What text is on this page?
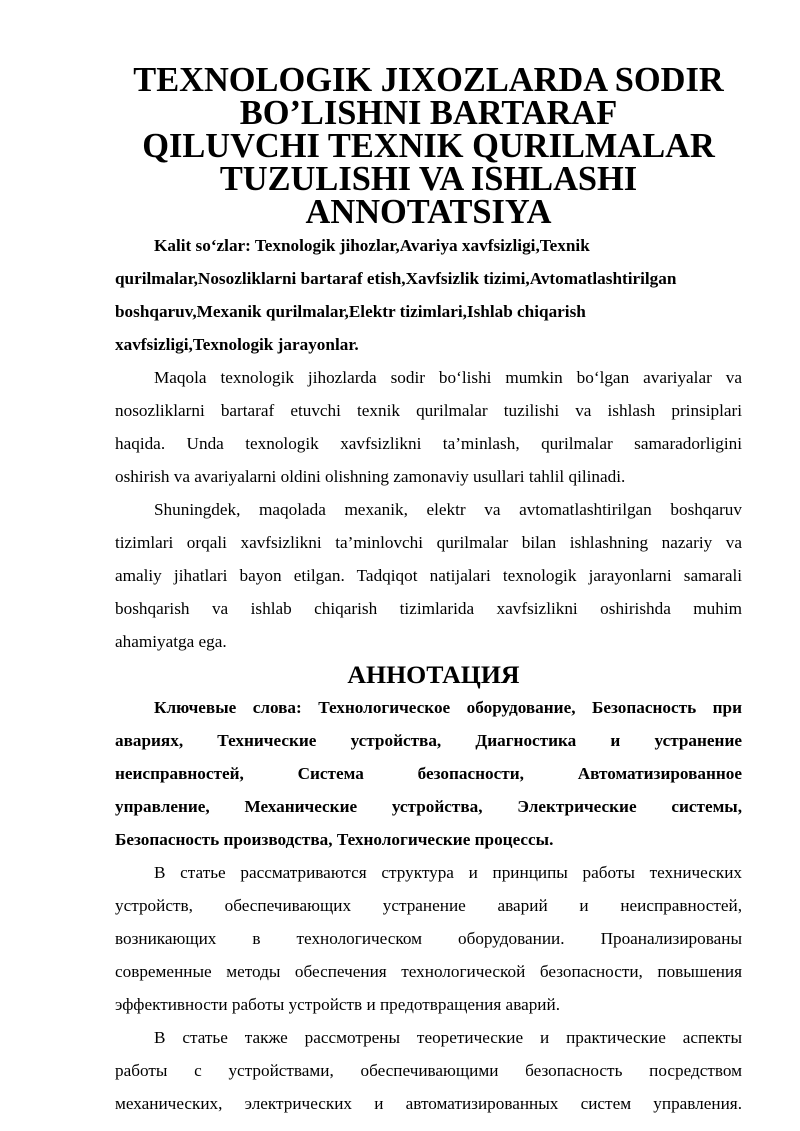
TEXNOLOGIK JIXOZLARDA SODIR BO’LISHNI BARTARAF
QILUVCHI TEXNIK QURILMALAR TUZULISHI VA ISHLASHI
ANNOTATSIYA

Kalit so‘zlar: Texnologik jihozlar,Avariya xavfsizligi,Texnik
qurilmalar,Nosozliklarni bartaraf etish,Xavfsizlik tizimi,Avtomatlashtirilgan
boshqaruv,Mexanik qurilmalar,Elektr tizimlari,Ishlab chiqarish
xavfsizligi,Texnologik jarayonlar.

Maqola texnologik jihozlarda sodir bo‘lishi mumkin bo‘lgan avariyalar va
nosozliklarni bartaraf etuvchi texnik qurilmalar tuzilishi va ishlash prinsiplari
haqida. Unda texnologik xavfsizlikni ta’minlash, qurilmalar samaradorligini
oshirish va avariyalarni oldini olishning zamonaviy usullari tahlil qilinadi.

Shuningdek, maqolada mexanik, elektr va avtomatlashtirilgan boshqaruv
tizimlari orqali xavfsizlikni ta’minlovchi qurilmalar bilan ishlashning nazariy va
amaliy jihatlari bayon etilgan. Tadqiqot natijalari texnologik jarayonlarni samarali
boshqarish va ishlab chiqarish tizimlarida xavfsizlikni oshirishda muhim
ahamiyatga ega.

АННОТАЦИЯ

Ключевые слова: Технологическое оборудование, Безопасность при
авариях, Технические устройства, Диагностика и устранение
неисправностей, Система безопасности, Автоматизированное
управление, Механические устройства, Электрические системы,
Безопасность производства, Технологические процессы.

В статье рассматриваются структура и принципы работы технических
устройств, обеспечивающих устранение аварий и неисправностей,
возникающих в технологическом оборудовании. Проанализированы
современные методы обеспечения технологической безопасности, повышения
эффективности работы устройств и предотвращения аварий.

В статье также рассмотрены теоретические и практические аспекты
работы с устройствами, обеспечивающими безопасность посредством
механических, электрических и автоматизированных систем управления.
